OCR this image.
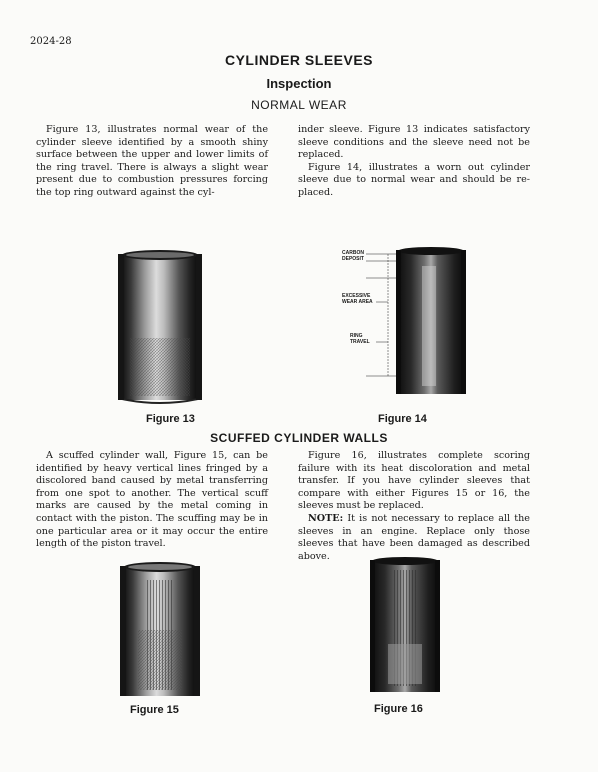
2024-28
CYLINDER SLEEVES
Inspection
NORMAL WEAR

Figure 13, illustrates normal wear of the cylinder sleeve identified by a smooth shiny surface between the upper and lower limits of the ring travel. There is always a slight wear present due to combustion pressures forcing the top ring outward against the cyl-

inder sleeve. Figure 13 indicates satisfactory sleeve conditions and the sleeve need not be replaced.

Figure 14, illustrates a worn out cylinder sleeve due to normal wear and should be re-placed.

Figure 13
CARBON
DEPOSIT
EXCESSIVE
WEAR AREA
RING
TRAVEL
Figure 14
SCUFFED CYLINDER WALLS

A scuffed cylinder wall, Figure 15, can be identified by heavy vertical lines fringed by a discolored band caused by metal transferring from one spot to another. The vertical scuff marks are caused by the metal coming in contact with the piston. The scuffing may be in one particular area or it may occur the entire length of the piston travel.

Figure 16, illustrates complete scoring failure with its heat discoloration and metal transfer. If you have cylinder sleeves that compare with either Figures 15 or 16, the sleeves must be replaced.

NOTE: It is not necessary to replace all the sleeves in an engine. Replace only those sleeves that have been damaged as described above.

Figure 15	Figure 16
